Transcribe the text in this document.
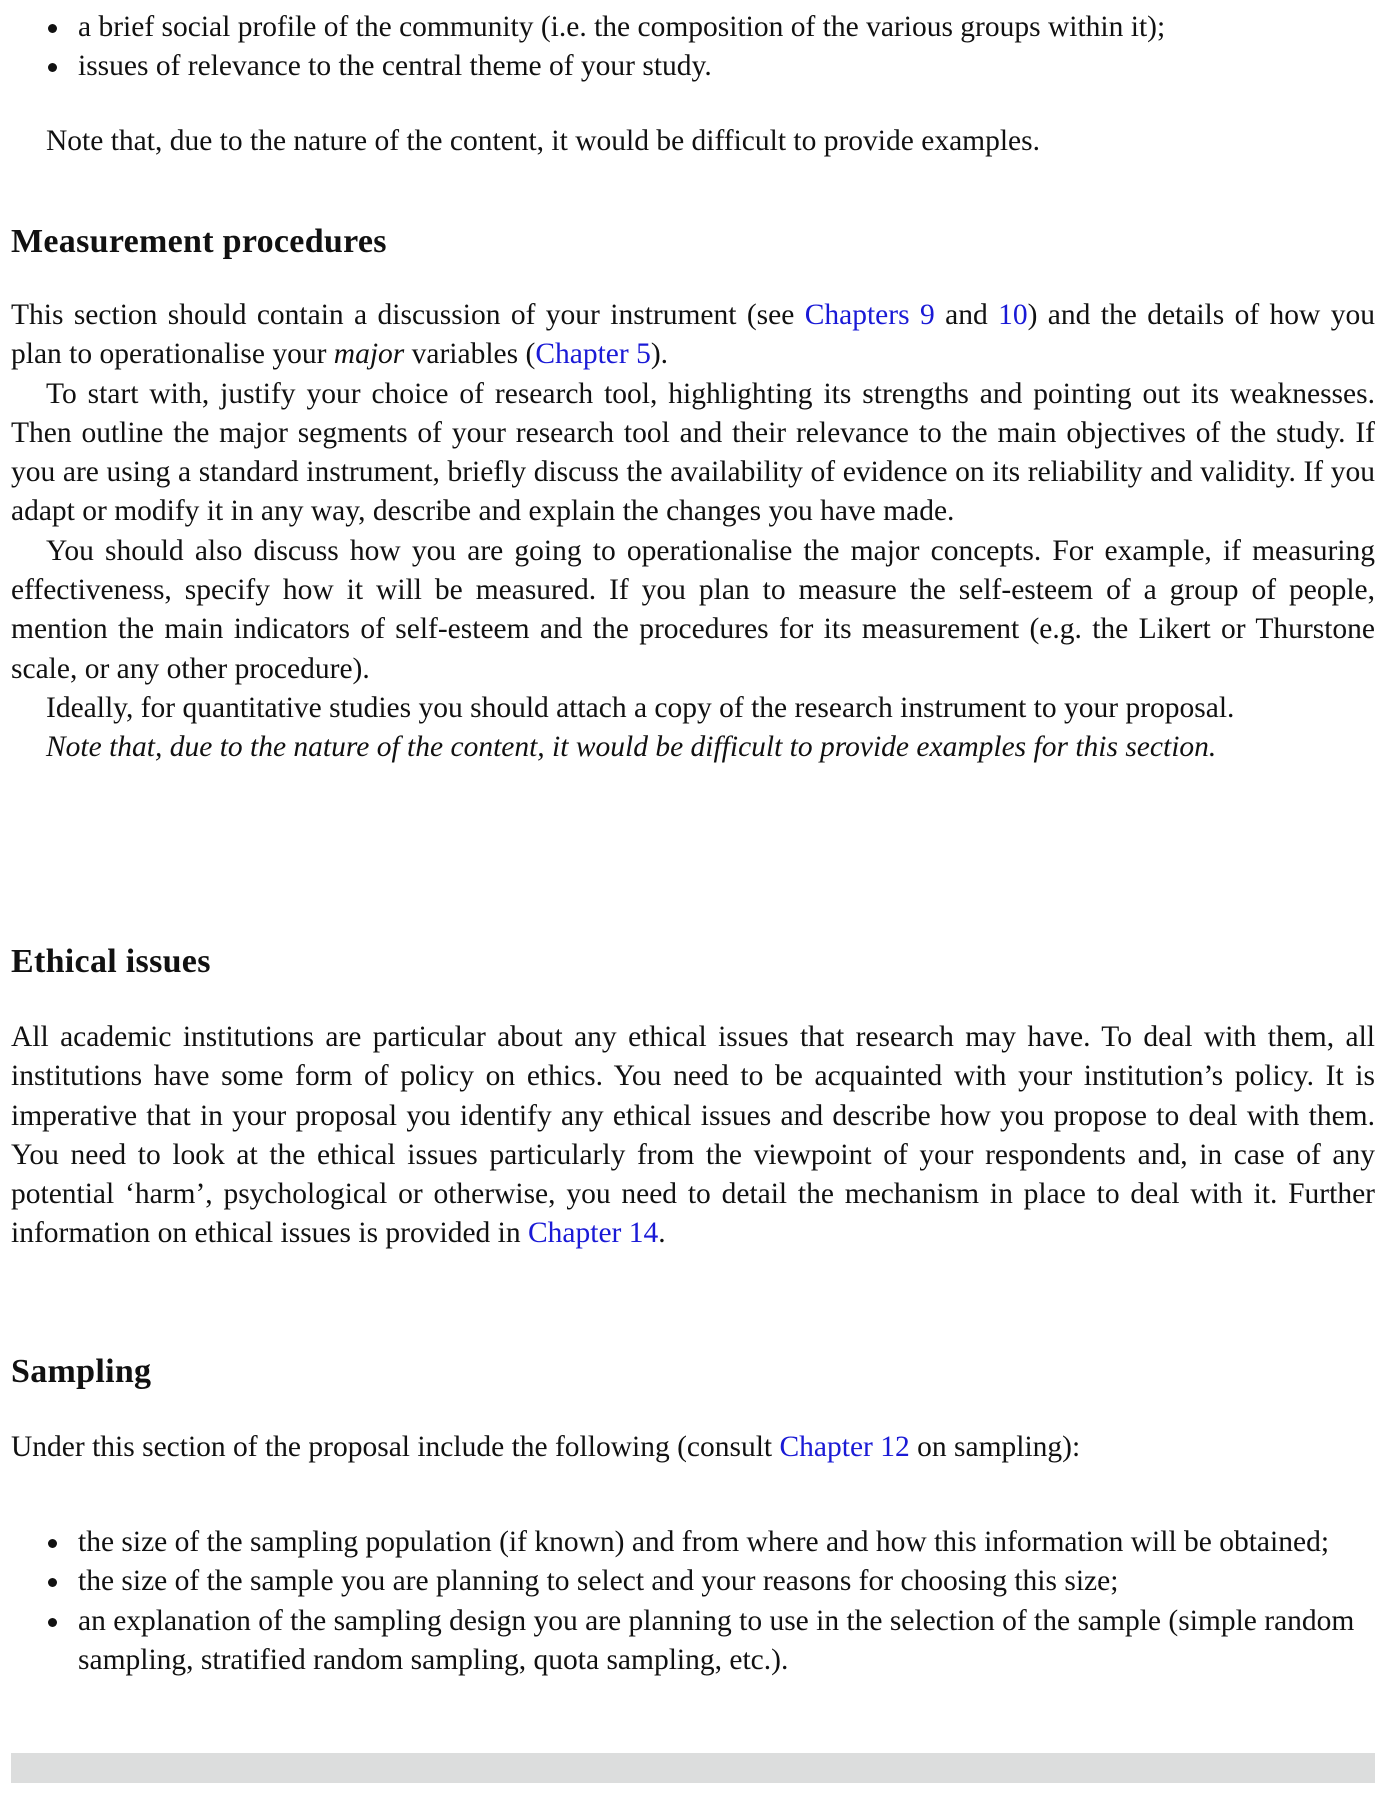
a brief social profile of the community (i.e. the composition of the various groups within it);
issues of relevance to the central theme of your study.

Note that, due to the nature of the content, it would be difficult to provide examples.

Measurement procedures

This section should contain a discussion of your instrument (see Chapters 9 and 10) and the details of how you plan to operationalise your major variables (Chapter 5).

To start with, justify your choice of research tool, highlighting its strengths and pointing out its weaknesses. Then outline the major segments of your research tool and their relevance to the main objectives of the study. If you are using a standard instrument, briefly discuss the availability of evidence on its reliability and validity. If you adapt or modify it in any way, describe and explain the changes you have made.

You should also discuss how you are going to operationalise the major concepts. For example, if measuring effectiveness, specify how it will be measured. If you plan to measure the self-esteem of a group of people, mention the main indicators of self-esteem and the procedures for its measurement (e.g. the Likert or Thurstone scale, or any other procedure).

Ideally, for quantitative studies you should attach a copy of the research instrument to your proposal.

Note that, due to the nature of the content, it would be difficult to provide examples for this section.

Ethical issues

All academic institutions are particular about any ethical issues that research may have. To deal with them, all institutions have some form of policy on ethics. You need to be acquainted with your institution’s policy. It is imperative that in your proposal you identify any ethical issues and describe how you propose to deal with them. You need to look at the ethical issues particularly from the viewpoint of your respondents and, in case of any potential ‘harm’, psychological or otherwise, you need to detail the mechanism in place to deal with it. Further information on ethical issues is provided in Chapter 14.

Sampling

Under this section of the proposal include the following (consult Chapter 12 on sampling):

the size of the sampling population (if known) and from where and how this information will be obtained;
the size of the sample you are planning to select and your reasons for choosing this size;
an explanation of the sampling design you are planning to use in the selection of the sample (simple random sampling, stratified random sampling, quota sampling, etc.).
